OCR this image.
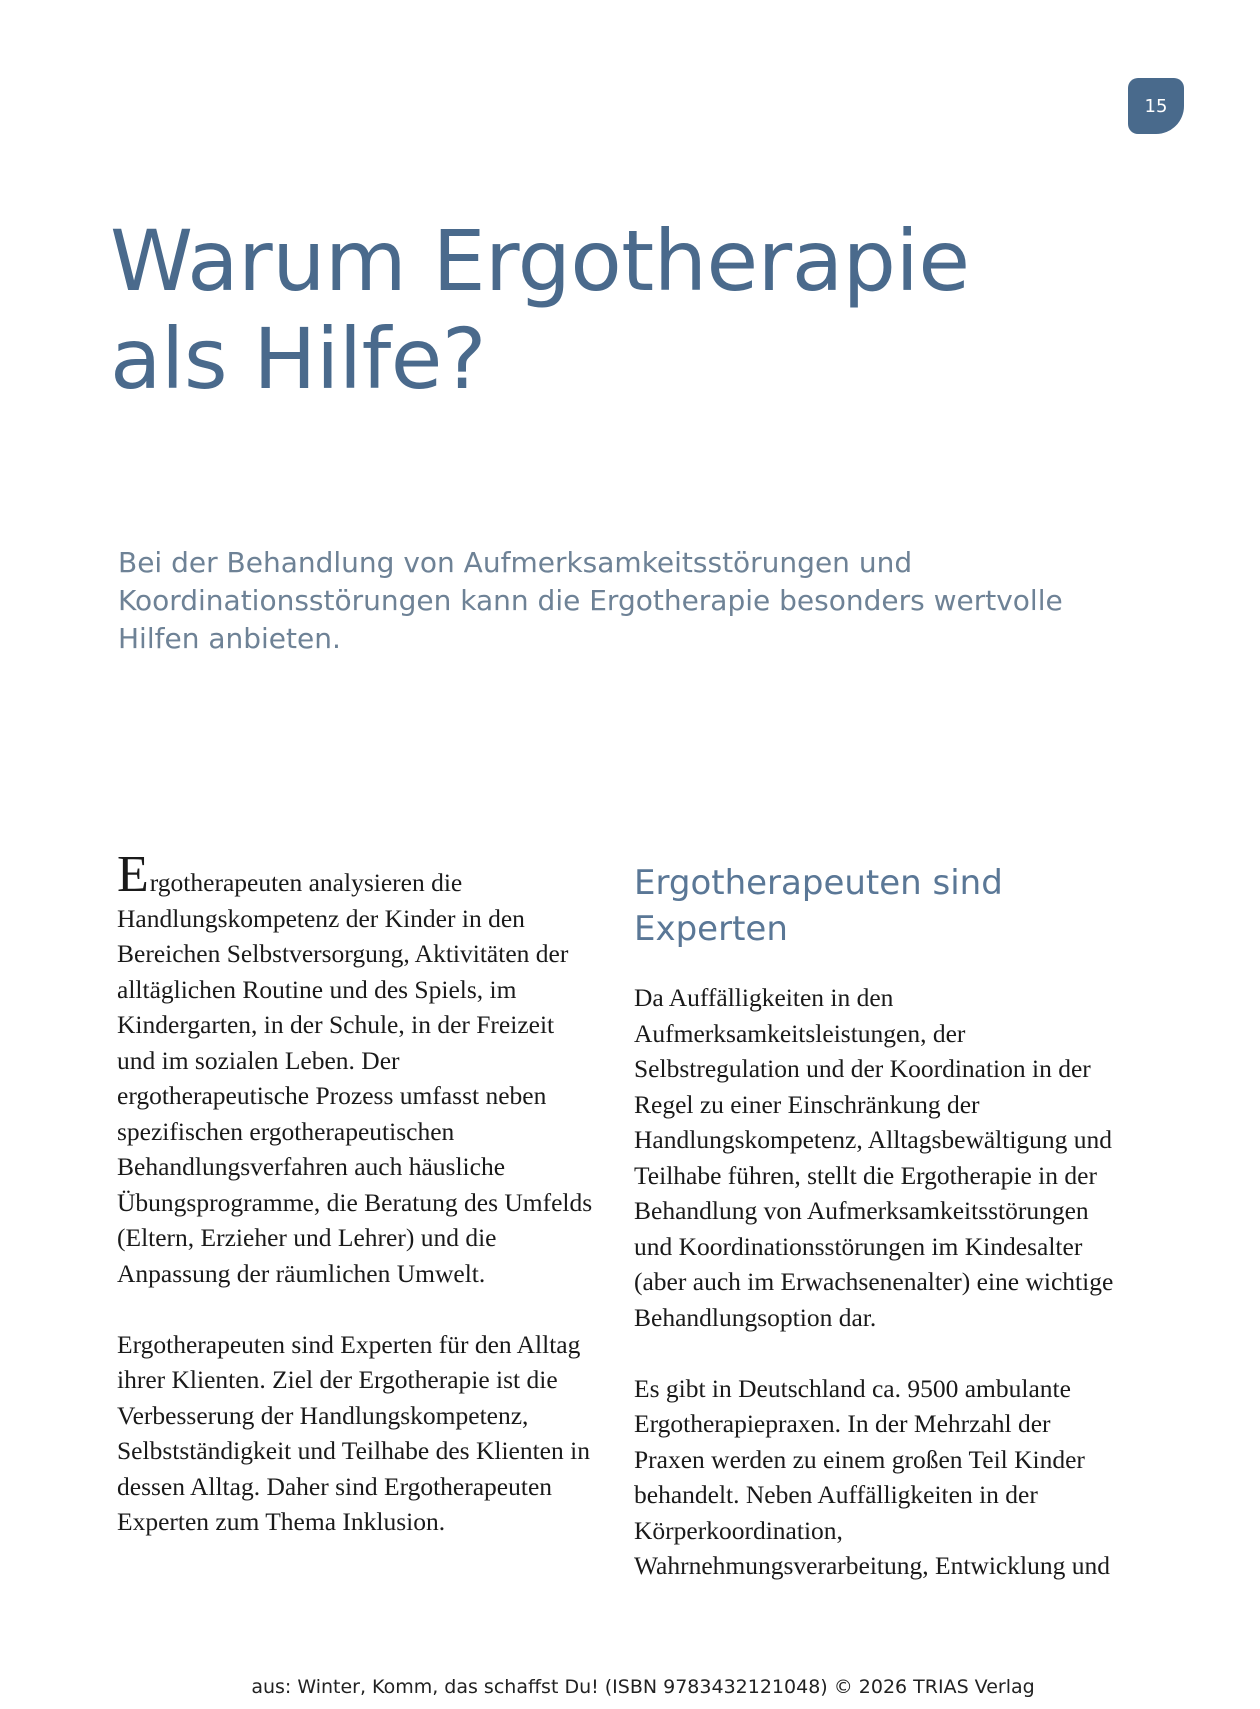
15
Warum Ergotherapie
als Hilfe?

Bei der Behandlung von Aufmerksamkeitsstörungen und Koordinationsstörungen kann die Ergotherapie besonders wertvolle Hilfen anbieten.

Ergotherapeuten analysieren die Handlungskompetenz der Kinder in den Bereichen Selbstversorgung, Aktivitäten der alltäglichen Routine und des Spiels, im Kindergarten, in der Schule, in der Freizeit und im sozialen Leben. Der ergotherapeutische Prozess umfasst neben spezifischen ergotherapeutischen Behandlungsverfahren auch häusliche Übungsprogramme, die Beratung des Umfelds (Eltern, Erzieher und Lehrer) und die Anpassung der räumlichen Umwelt.

Ergotherapeuten sind Experten für den Alltag ihrer Klienten. Ziel der Ergotherapie ist die Verbesserung der Handlungskompetenz, Selbstständigkeit und Teilhabe des Klienten in dessen Alltag. Daher sind Ergotherapeuten Experten zum Thema Inklusion.

Ergotherapeuten sind Experten

Da Auffälligkeiten in den Aufmerksamkeitsleistungen, der Selbstregulation und der Koordination in der Regel zu einer Einschränkung der Handlungskompetenz, Alltagsbewältigung und Teilhabe führen, stellt die Ergotherapie in der Behandlung von Aufmerksamkeitsstörungen und Koordinationsstörungen im Kindesalter (aber auch im Erwachsenenalter) eine wichtige Behandlungsoption dar.

Es gibt in Deutschland ca. 9500 ambulante Ergotherapiepraxen. In der Mehrzahl der Praxen werden zu einem großen Teil Kinder behandelt. Neben Auffälligkeiten in der Körperkoordination, Wahrnehmungsverarbeitung, Entwicklung und

aus: Winter, Komm, das schaffst Du! (ISBN 9783432121048) © 2026 TRIAS Verlag
